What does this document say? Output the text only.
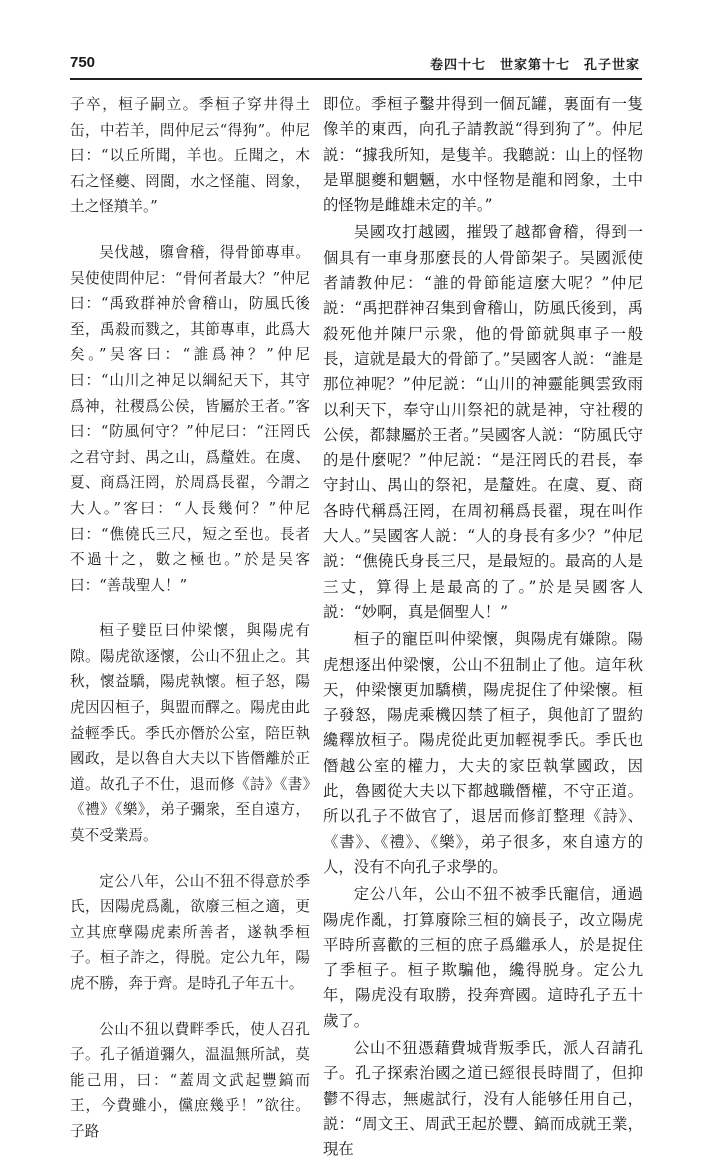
750	卷四十七　世家第十七　孔子世家

子卒，桓子嗣立。季桓子穿井得土缶，中若羊，問仲尼云“得狗”。仲尼曰：“以丘所聞，羊也。丘聞之，木石之怪夔、罔閬，水之怪龍、罔象，土之怪羵羊。”

吴伐越，隳會稽，得骨節專車。吴使使問仲尼：“骨何者最大？”仲尼曰：“禹致群神於會稽山，防風氏後至，禹殺而戮之，其節專車，此爲大矣。”吴客曰：“誰爲神？”仲尼曰：“山川之神足以綱紀天下，其守爲神，社稷爲公侯，皆屬於王者。”客曰：“防風何守？”仲尼曰：“汪罔氏之君守封、禺之山，爲釐姓。在虞、夏、商爲汪罔，於周爲長翟，今謂之大人。”客曰：“人長幾何？”仲尼曰：“僬僥氏三尺，短之至也。長者不過十之，數之極也。”於是吴客曰：“善哉聖人！”

桓子嬖臣曰仲梁懷，與陽虎有隙。陽虎欲逐懷，公山不狃止之。其秋，懷益驕，陽虎執懷。桓子怒，陽虎因囚桓子，與盟而醳之。陽虎由此益輕季氏。季氏亦僭於公室，陪臣執國政，是以魯自大夫以下皆僭離於正道。故孔子不仕，退而修《詩》《書》《禮》《樂》，弟子彌衆，至自遠方，莫不受業焉。

定公八年，公山不狃不得意於季氏，因陽虎爲亂，欲廢三桓之適，更立其庶孽陽虎素所善者，遂執季桓子。桓子詐之，得脱。定公九年，陽虎不勝，奔于齊。是時孔子年五十。

公山不狃以費畔季氏，使人召孔子。孔子循道彌久，温温無所試，莫能己用，曰：“蓋周文武起豐鎬而王，今費雖小，儻庶幾乎！”欲往。子路

即位。季桓子鑿井得到一個瓦罐，裏面有一隻像羊的東西，向孔子請教説“得到狗了”。仲尼説：“據我所知，是隻羊。我聽説：山上的怪物是單腿夔和魍魎，水中怪物是龍和罔象，土中的怪物是雌雄未定的羊。”

吴國攻打越國，摧毁了越都會稽，得到一個具有一車身那麼長的人骨節架子。吴國派使者請教仲尼：“誰的骨節能這麼大呢？”仲尼説：“禹把群神召集到會稽山，防風氏後到，禹殺死他并陳尸示衆，他的骨節就與車子一般長，這就是最大的骨節了。”吴國客人説：“誰是那位神呢？”仲尼説：“山川的神靈能興雲致雨以利天下，奉守山川祭祀的就是神，守社稷的公侯，都隸屬於王者。”吴國客人説：“防風氏守的是什麼呢？”仲尼説：“是汪罔氏的君長，奉守封山、禺山的祭祀，是釐姓。在虞、夏、商各時代稱爲汪罔，在周初稱爲長翟，現在叫作大人。”吴國客人説：“人的身長有多少？”仲尼説：“僬僥氏身長三尺，是最短的。最高的人是三丈，算得上是最高的了。”於是吴國客人説：“妙啊，真是個聖人！”

桓子的寵臣叫仲梁懷，與陽虎有嫌隙。陽虎想逐出仲梁懷，公山不狃制止了他。這年秋天，仲梁懷更加驕横，陽虎捉住了仲梁懷。桓子發怒，陽虎乘機囚禁了桓子，與他訂了盟約纔釋放桓子。陽虎從此更加輕視季氏。季氏也僭越公室的權力，大夫的家臣執掌國政，因此，魯國從大夫以下都越職僭權，不守正道。所以孔子不做官了，退居而修訂整理《詩》、《書》、《禮》、《樂》，弟子很多，來自遠方的人，没有不向孔子求學的。

定公八年，公山不狃不被季氏寵信，通過陽虎作亂，打算廢除三桓的嫡長子，改立陽虎平時所喜歡的三桓的庶子爲繼承人，於是捉住了季桓子。桓子欺騙他，纔得脱身。定公九年，陽虎没有取勝，投奔齊國。這時孔子五十歲了。

公山不狃憑藉費城背叛季氏，派人召請孔子。孔子探索治國之道已經很長時間了，但抑鬱不得志，無處試行，没有人能够任用自己，説：“周文王、周武王起於豐、鎬而成就王業，現在
